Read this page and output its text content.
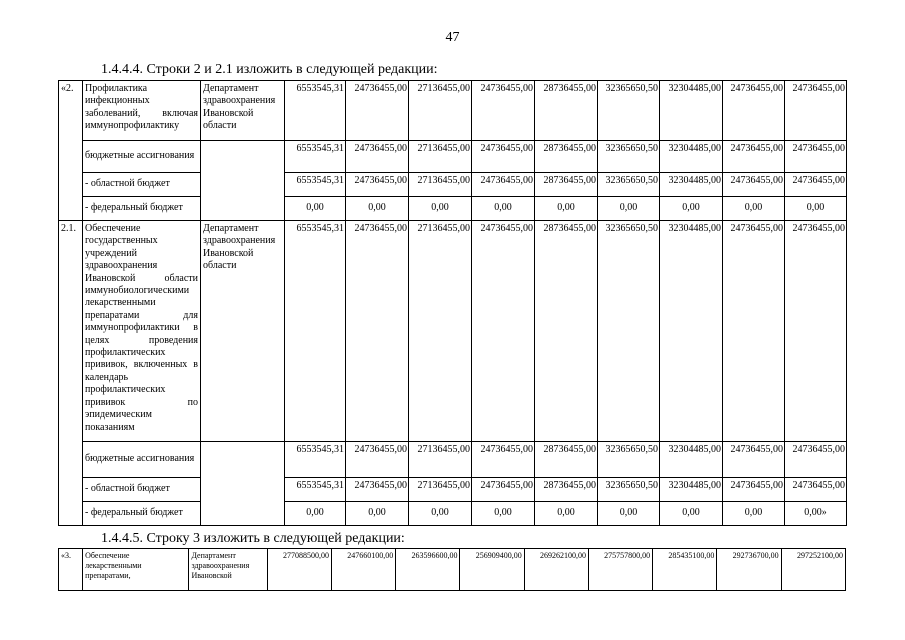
47
1.4.4.4. Строки 2 и 2.1 изложить в следующей редакции:
«2.	Профилактика инфекционных заболеваний, включая иммунопрофилактику	Департамент здравоохранения Ивановской области	6553545,31	24736455,00	27136455,00	24736455,00	28736455,00	32365650,50	32304485,00	24736455,00	24736455,00
	бюджетные ассигнования		6553545,31	24736455,00	27136455,00	24736455,00	28736455,00	32365650,50	32304485,00	24736455,00	24736455,00
	- областной бюджет		6553545,31	24736455,00	27136455,00	24736455,00	28736455,00	32365650,50	32304485,00	24736455,00	24736455,00
	- федеральный бюджет		0,00	0,00	0,00	0,00	0,00	0,00	0,00	0,00	0,00
2.1.	Обеспечение государственных учреждений здравоохранения Ивановской области иммунобиологическими лекарственными препаратами для иммунопрофилактики в целях проведения профилактических прививок, включенных в календарь профилактических прививок по эпидемическим показаниям	Департамент здравоохранения Ивановской области	6553545,31	24736455,00	27136455,00	24736455,00	28736455,00	32365650,50	32304485,00	24736455,00	24736455,00
	бюджетные ассигнования		6553545,31	24736455,00	27136455,00	24736455,00	28736455,00	32365650,50	32304485,00	24736455,00	24736455,00
	- областной бюджет		6553545,31	24736455,00	27136455,00	24736455,00	28736455,00	32365650,50	32304485,00	24736455,00	24736455,00
	- федеральный бюджет		0,00	0,00	0,00	0,00	0,00	0,00	0,00	0,00	0,00»
1.4.4.5. Строку 3 изложить в следующей редакции:
«3.	Обеспечение лекарственными препаратами,	Департамент здравоохранения Ивановской	277088500,00	247660100,00	263596600,00	256909400,00	269262100,00	275757800,00	285435100,00	292736700,00	297252100,00
